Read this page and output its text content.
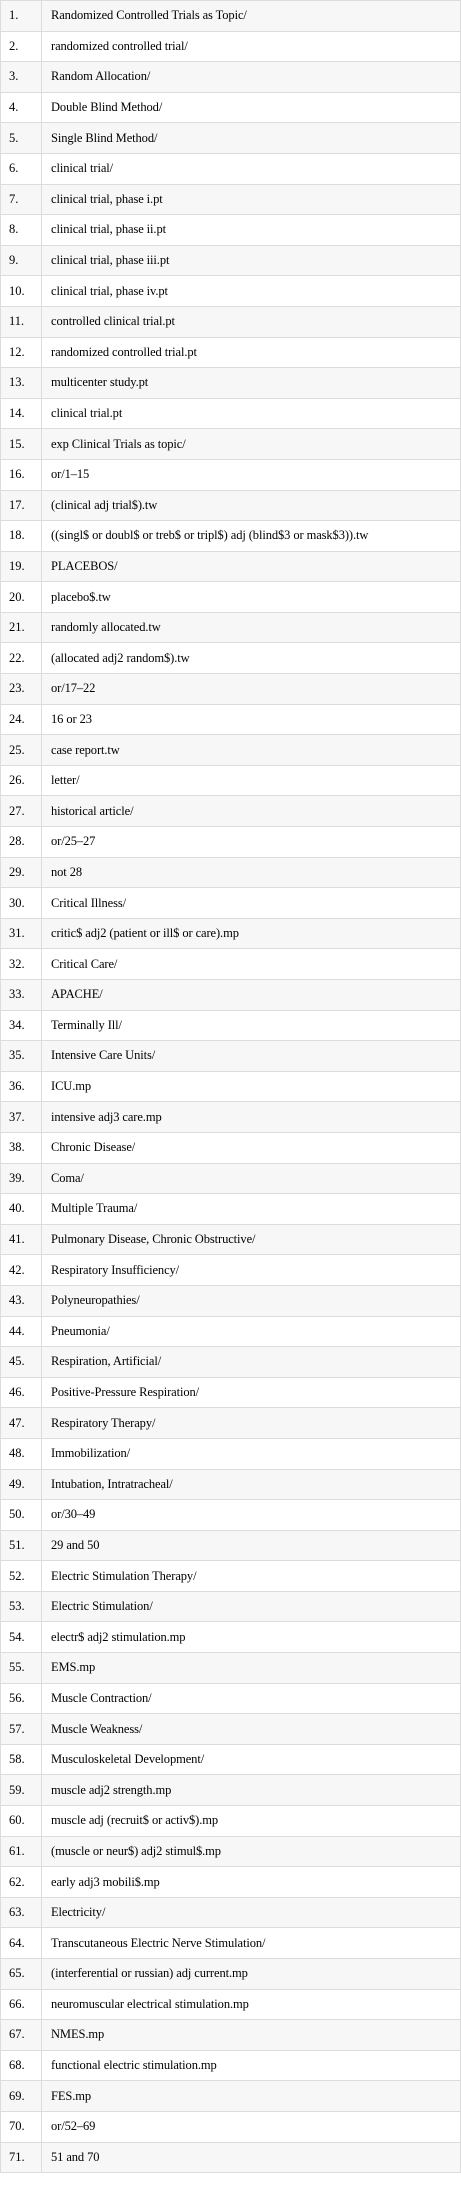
1.	Randomized Controlled Trials as Topic/
2.	randomized controlled trial/
3.	Random Allocation/
4.	Double Blind Method/
5.	Single Blind Method/
6.	clinical trial/
7.	clinical trial, phase i.pt
8.	clinical trial, phase ii.pt
9.	clinical trial, phase iii.pt
10.	clinical trial, phase iv.pt
11.	controlled clinical trial.pt
12.	randomized controlled trial.pt
13.	multicenter study.pt
14.	clinical trial.pt
15.	exp Clinical Trials as topic/
16.	or/1–15
17.	(clinical adj trial$).tw
18.	((singl$ or doubl$ or treb$ or tripl$) adj (blind$3 or mask$3)).tw
19.	PLACEBOS/
20.	placebo$.tw
21.	randomly allocated.tw
22.	(allocated adj2 random$).tw
23.	or/17–22
24.	16 or 23
25.	case report.tw
26.	letter/
27.	historical article/
28.	or/25–27
29.	not 28
30.	Critical Illness/
31.	critic$ adj2 (patient or ill$ or care).mp
32.	Critical Care/
33.	APACHE/
34.	Terminally Ill/
35.	Intensive Care Units/
36.	ICU.mp
37.	intensive adj3 care.mp
38.	Chronic Disease/
39.	Coma/
40.	Multiple Trauma/
41.	Pulmonary Disease, Chronic Obstructive/
42.	Respiratory Insufficiency/
43.	Polyneuropathies/
44.	Pneumonia/
45.	Respiration, Artificial/
46.	Positive-Pressure Respiration/
47.	Respiratory Therapy/
48.	Immobilization/
49.	Intubation, Intratracheal/
50.	or/30–49
51.	29 and 50
52.	Electric Stimulation Therapy/
53.	Electric Stimulation/
54.	electr$ adj2 stimulation.mp
55.	EMS.mp
56.	Muscle Contraction/
57.	Muscle Weakness/
58.	Musculoskeletal Development/
59.	muscle adj2 strength.mp
60.	muscle adj (recruit$ or activ$).mp
61.	(muscle or neur$) adj2 stimul$.mp
62.	early adj3 mobili$.mp
63.	Electricity/
64.	Transcutaneous Electric Nerve Stimulation/
65.	(interferential or russian) adj current.mp
66.	neuromuscular electrical stimulation.mp
67.	NMES.mp
68.	functional electric stimulation.mp
69.	FES.mp
70.	or/52–69
71.	51 and 70
